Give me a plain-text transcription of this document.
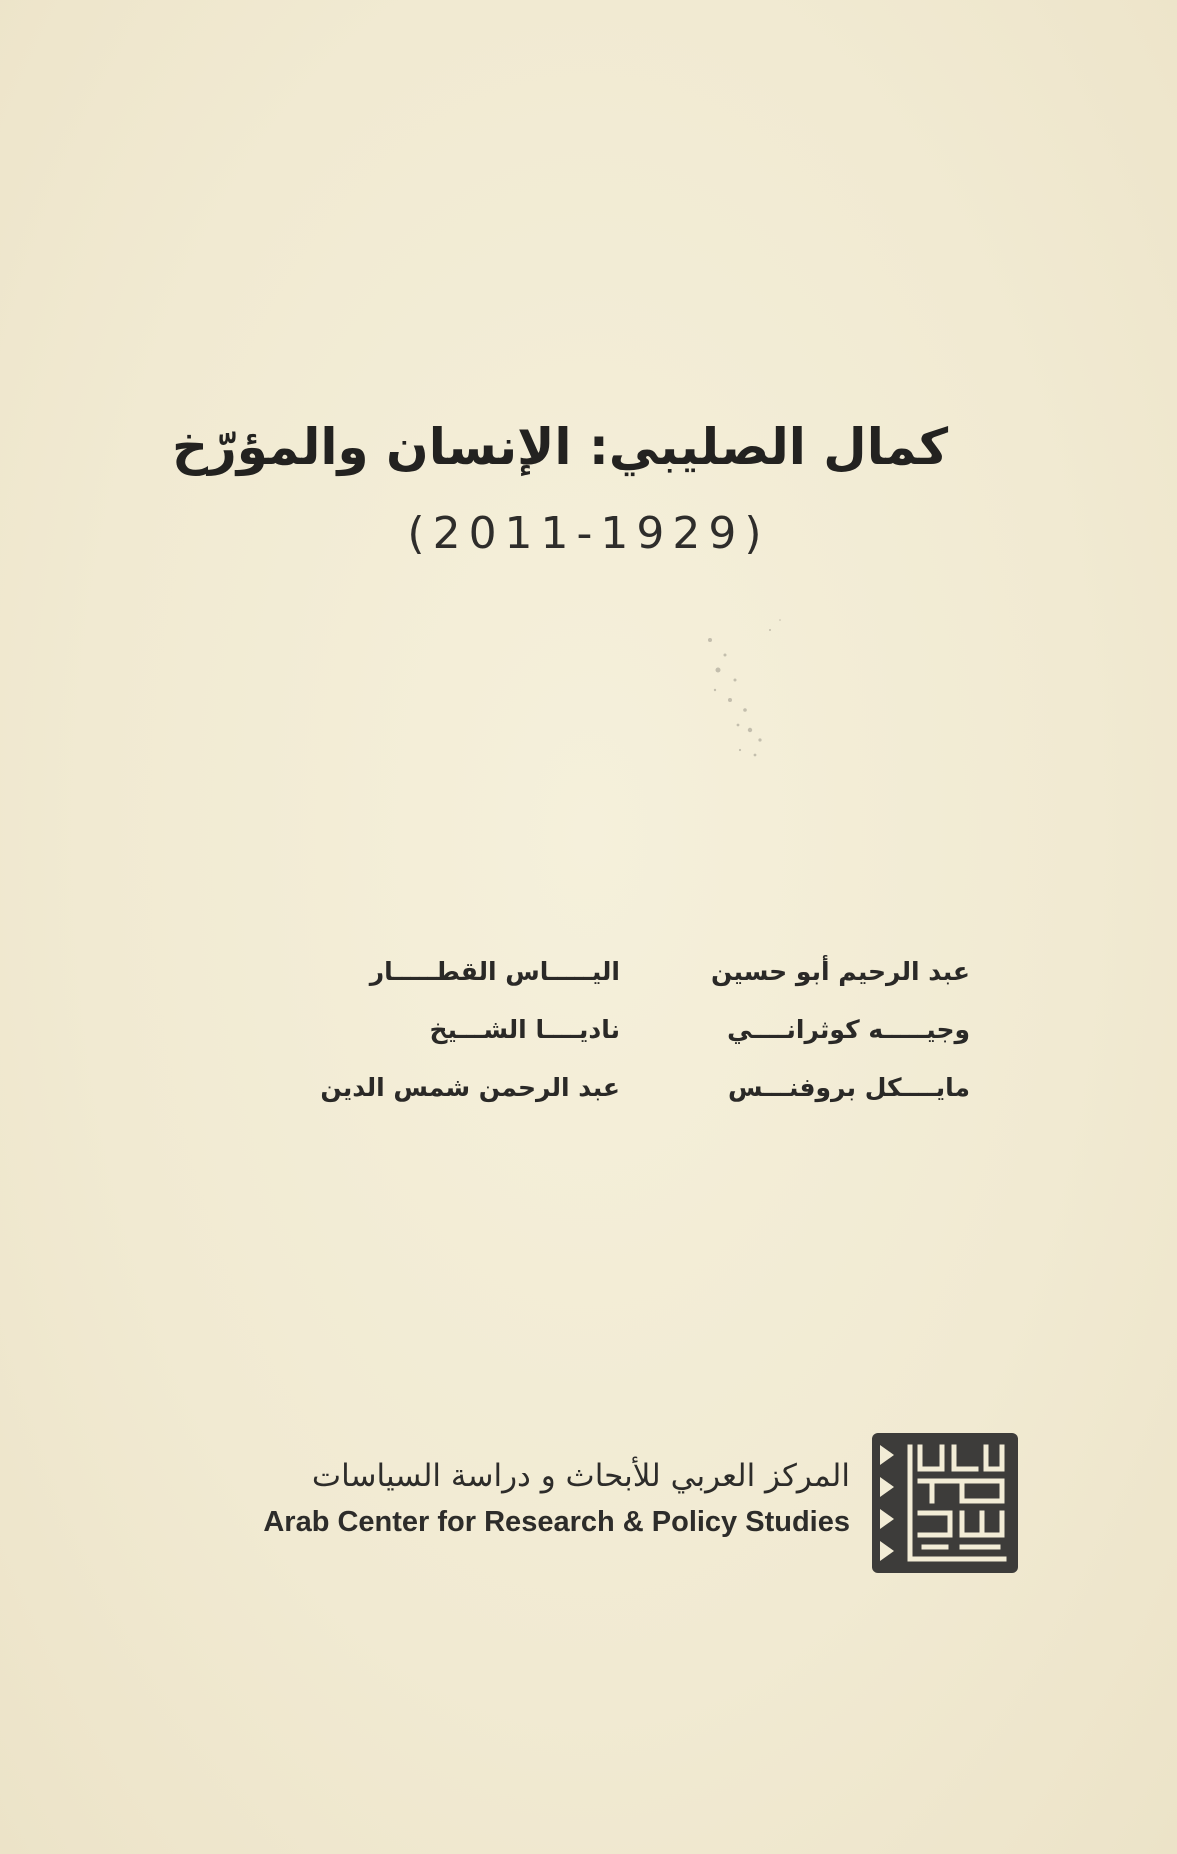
كمال الصليبي: الإنسان والمؤرّخ
(2011-1929)
عبد الرحيم أبو حسين
اليـــــاس القطـــــار
وجيـــــه كوثرانــــي
ناديــــا الشـــيخ
مايــــكل بروفنـــس
عبد الرحمن شمس الدين
المركز العربي للأبحاث و دراسة السياسات
Arab Center for Research & Policy Studies
